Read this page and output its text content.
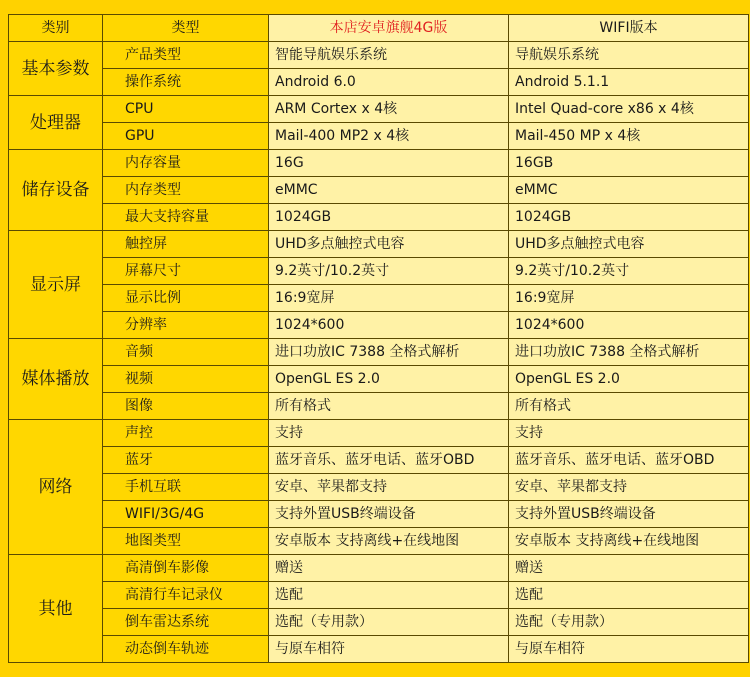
类别	类型	本店安卓旗舰4G版	WIFI版本
基本参数	产品类型	智能导航娱乐系统	导航娱乐系统
	操作系统	Android 6.0	Android 5.1.1
处理器	CPU	ARM Cortex x 4核	Intel Quad-core x86 x 4核
	GPU	Mail-400 MP2 x 4核	Mail-450 MP x 4核
储存设备	内存容量	16G	16GB
	内存类型	eMMC	eMMC
	最大支持容量	1024GB	1024GB
显示屏	触控屏	UHD多点触控式电容	UHD多点触控式电容
	屏幕尺寸	9.2英寸/10.2英寸	9.2英寸/10.2英寸
	显示比例	16:9宽屏	16:9宽屏
	分辨率	1024*600	1024*600
媒体播放	音频	进口功放IC 7388 全格式解析	进口功放IC 7388 全格式解析
	视频	OpenGL ES 2.0	OpenGL ES 2.0
	图像	所有格式	所有格式
网络	声控	支持	支持
	蓝牙	蓝牙音乐、蓝牙电话、蓝牙OBD	蓝牙音乐、蓝牙电话、蓝牙OBD
	手机互联	安卓、苹果都支持	安卓、苹果都支持
	WIFI/3G/4G	支持外置USB终端设备	支持外置USB终端设备
	地图类型	安卓版本 支持离线+在线地图	安卓版本 支持离线+在线地图
其他	高清倒车影像	赠送	赠送
	高清行车记录仪	选配	选配
	倒车雷达系统	选配（专用款）	选配（专用款）
	动态倒车轨迹	与原车相符	与原车相符
